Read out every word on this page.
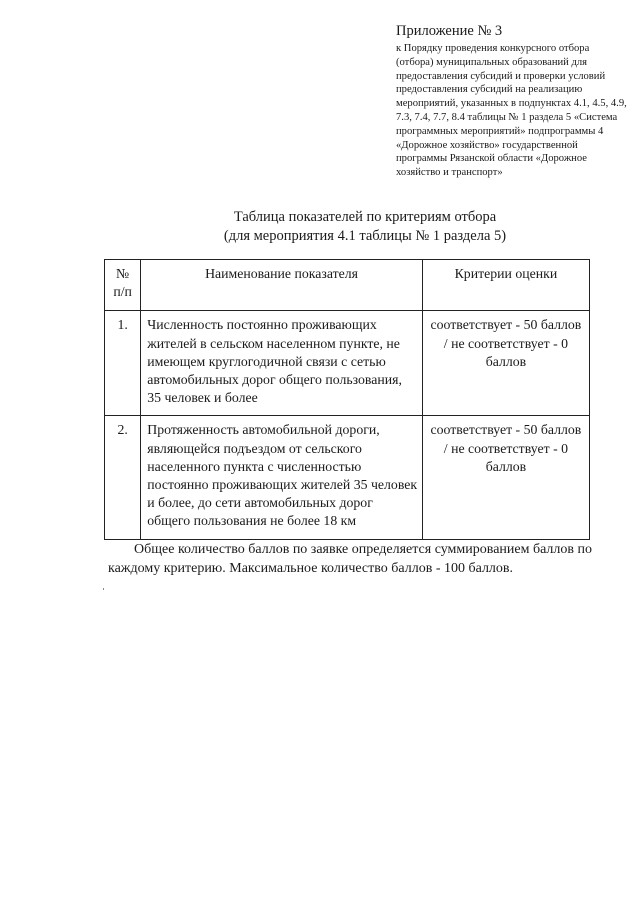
Приложение № 3

к Порядку проведения конкурсного отбора (отбора) муниципальных образований для предоставления субсидий и проверки условий предоставления субсидий на реализацию мероприятий, указанных в подпунктах 4.1, 4.5, 4.9, 7.3, 7.4, 7.7, 8.4 таблицы № 1 раздела 5 «Система программных мероприятий» подпрограммы 4 «Дорожное хозяйство» государственной программы Рязанской области «Дорожное хозяйство и транспорт»

Таблица показателей по критериям отбора
(для мероприятия 4.1 таблицы № 1 раздела 5)
№ п/п	Наименование показателя	Критерии оценки
1.	Численность постоянно проживающих жителей в сельском населенном пункте, не имеющем круглогодичной связи с сетью автомобильных дорог общего пользования, 35 человек и более	соответствует - 50 баллов / не соответствует - 0 баллов
2.	Протяженность автомобильной дороги, являющейся подъездом от сельского населенного пункта с численностью постоянно проживающих жителей 35 человек и более, до сети автомобильных дорог общего пользования не более 18 км	соответствует - 50 баллов / не соответствует - 0 баллов

Общее количество баллов по заявке определяется суммированием баллов по каждому критерию. Максимальное количество баллов - 100 баллов.
